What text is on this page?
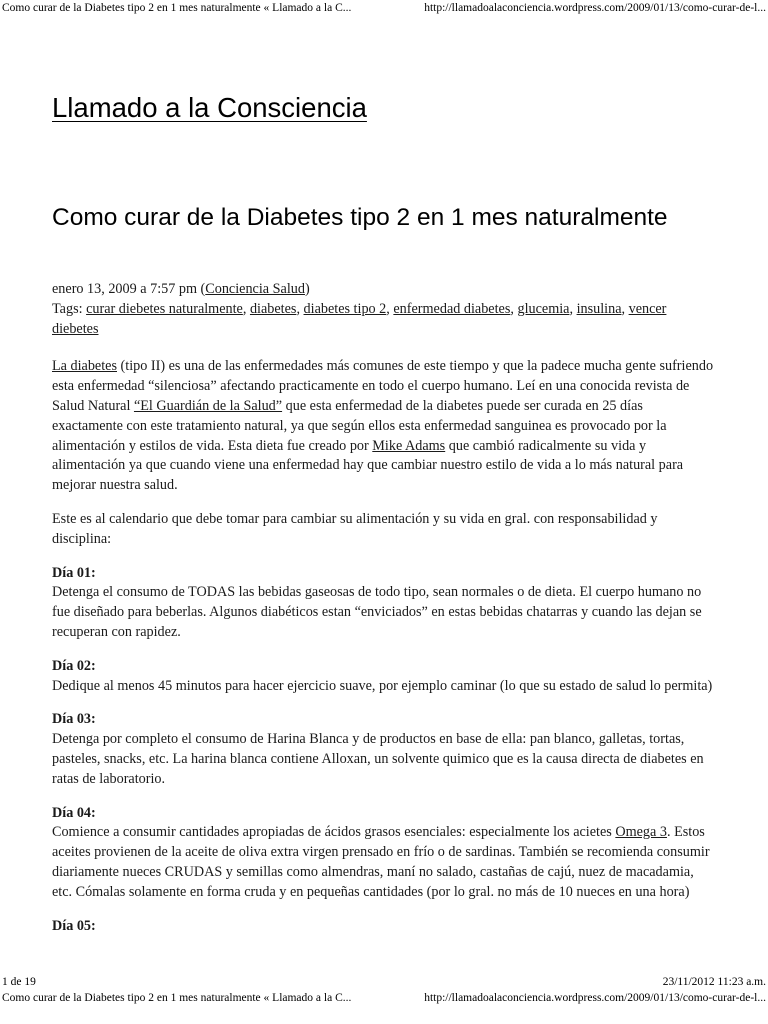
Como curar de la Diabetes tipo 2 en 1 mes naturalmente « Llamado a la C...	http://llamadoalaconciencia.wordpress.com/2009/01/13/como-curar-de-l...
Llamado a la Consciencia
Como curar de la Diabetes tipo 2 en 1 mes naturalmente

enero 13, 2009 a 7:57 pm (Conciencia Salud)
Tags: curar diebetes naturalmente, diabetes, diabetes tipo 2, enfermedad diabetes, glucemia, insulina, vencer diebetes

La diabetes (tipo II) es una de las enfermedades más comunes de este tiempo y que la padece mucha gente sufriendo esta enfermedad “silenciosa” afectando practicamente en todo el cuerpo humano. Leí en una conocida revista de Salud Natural “El Guardián de la Salud” que esta enfermedad de la diabetes puede ser curada en 25 días exactamente con este tratamiento natural, ya que según ellos esta enfermedad sanguinea es provocado por la alimentación y estilos de vida. Esta dieta fue creado por Mike Adams que cambió radicalmente su vida y alimentación ya que cuando viene una enfermedad hay que cambiar nuestro estilo de vida a lo más natural para mejorar nuestra salud.

Este es al calendario que debe tomar para cambiar su alimentación y su vida en gral. con responsabilidad y disciplina:

Día 01:
Detenga el consumo de TODAS las bebidas gaseosas de todo tipo, sean normales o de dieta. El cuerpo humano no fue diseñado para beberlas. Algunos diabéticos estan “enviciados” en estas bebidas chatarras y cuando las dejan se recuperan con rapidez.

Día 02:
Dedique al menos 45 minutos para hacer ejercicio suave, por ejemplo caminar (lo que su estado de salud lo permita)

Día 03:
Detenga por completo el consumo de Harina Blanca y de productos en base de ella: pan blanco, galletas, tortas, pasteles, snacks, etc. La harina blanca contiene Alloxan, un solvente quimico que es la causa directa de diabetes en ratas de laboratorio.

Día 04:
Comience a consumir cantidades apropiadas de ácidos grasos esenciales: especialmente los acietes Omega 3. Estos aceites provienen de la aceite de oliva extra virgen prensado en frío o de sardinas. También se recomienda consumir diariamente nueces CRUDAS y semillas como almendras, maní no salado, castañas de cajú, nuez de macadamia, etc. Cómalas solamente en forma cruda y en pequeñas cantidades (por lo gral. no más de 10 nueces en una hora)

Día 05:

1 de 19	23/11/2012 11:23 a.m.
Como curar de la Diabetes tipo 2 en 1 mes naturalmente « Llamado a la C...	http://llamadoalaconciencia.wordpress.com/2009/01/13/como-curar-de-l...
